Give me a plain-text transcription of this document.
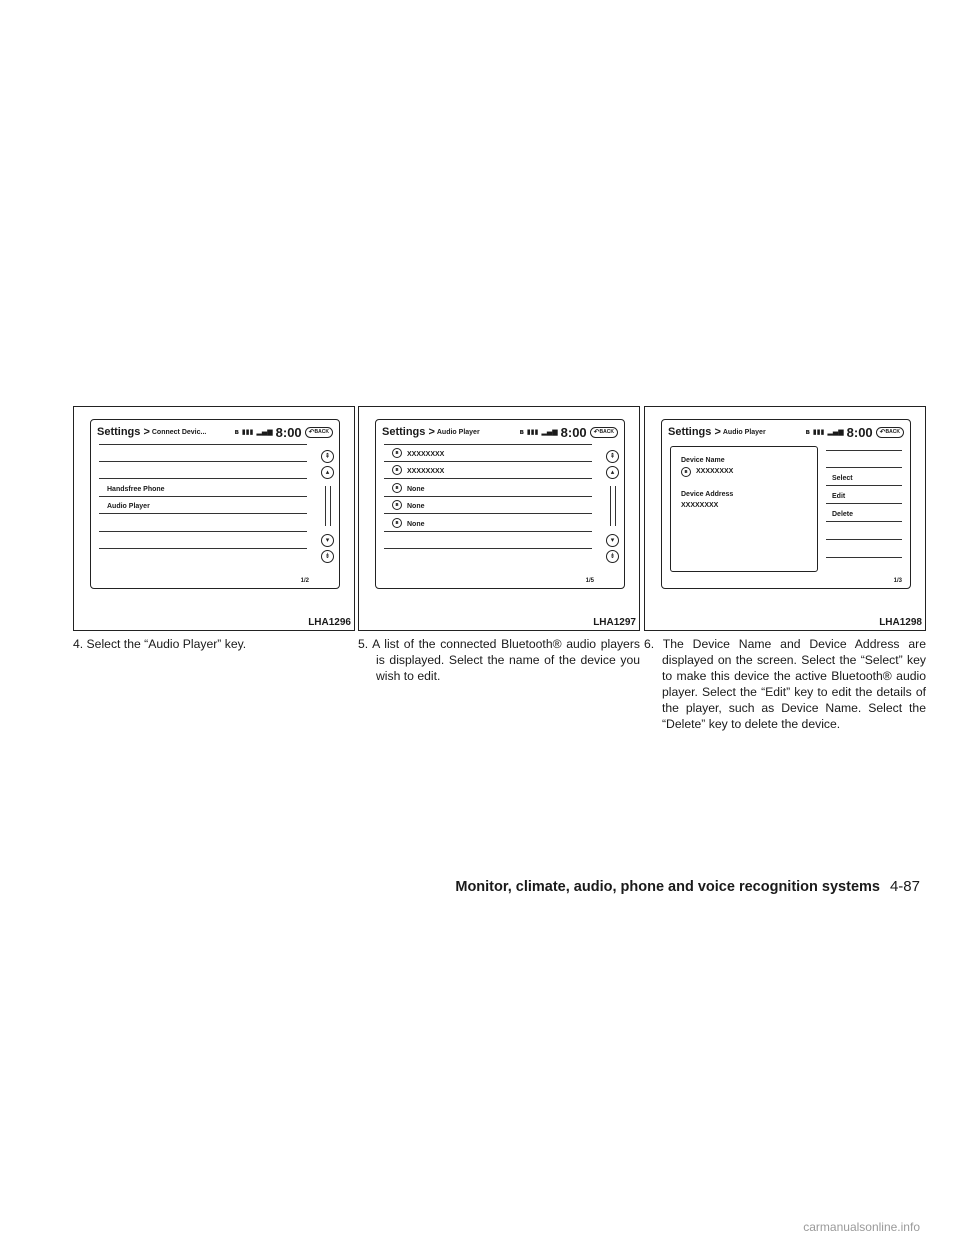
Settings > Connect Devic...	ʙ ▮▮▮ ▂▄▆ 8:00 ↶ BACK
Handsfree Phone
Audio Player
⇞
▴
▾
⇟
1/2
LHA1296
Settings > Audio Player	ʙ ▮▮▮ ▂▄▆ 8:00 ↶ BACK
ʙ	XXXXXXXX
ʙ	XXXXXXXX
ʙ	None
ʙ	None
ʙ	None
⇞
▴
▾
⇟
1/5
LHA1297
Settings > Audio Player	ʙ ▮▮▮ ▂▄▆ 8:00 ↶ BACK
Device Name
ʙ	XXXXXXXX
Device Address
XXXXXXXX
Select
Edit
Delete
1/3
LHA1298

4. Select the “Audio Player” key.	5. A list of the connected Bluetooth® audio players is displayed. Select the name of the device you wish to edit.

6. The Device Name and Device Address are displayed on the screen. Select the “Select” key to make this device the active Bluetooth® audio player. Select the “Edit” key to edit the details of the player, such as Device Name. Select the “Delete” key to delete the device.

Monitor, climate, audio, phone and voice recognition systems 4-87
carmanualsonline.info
